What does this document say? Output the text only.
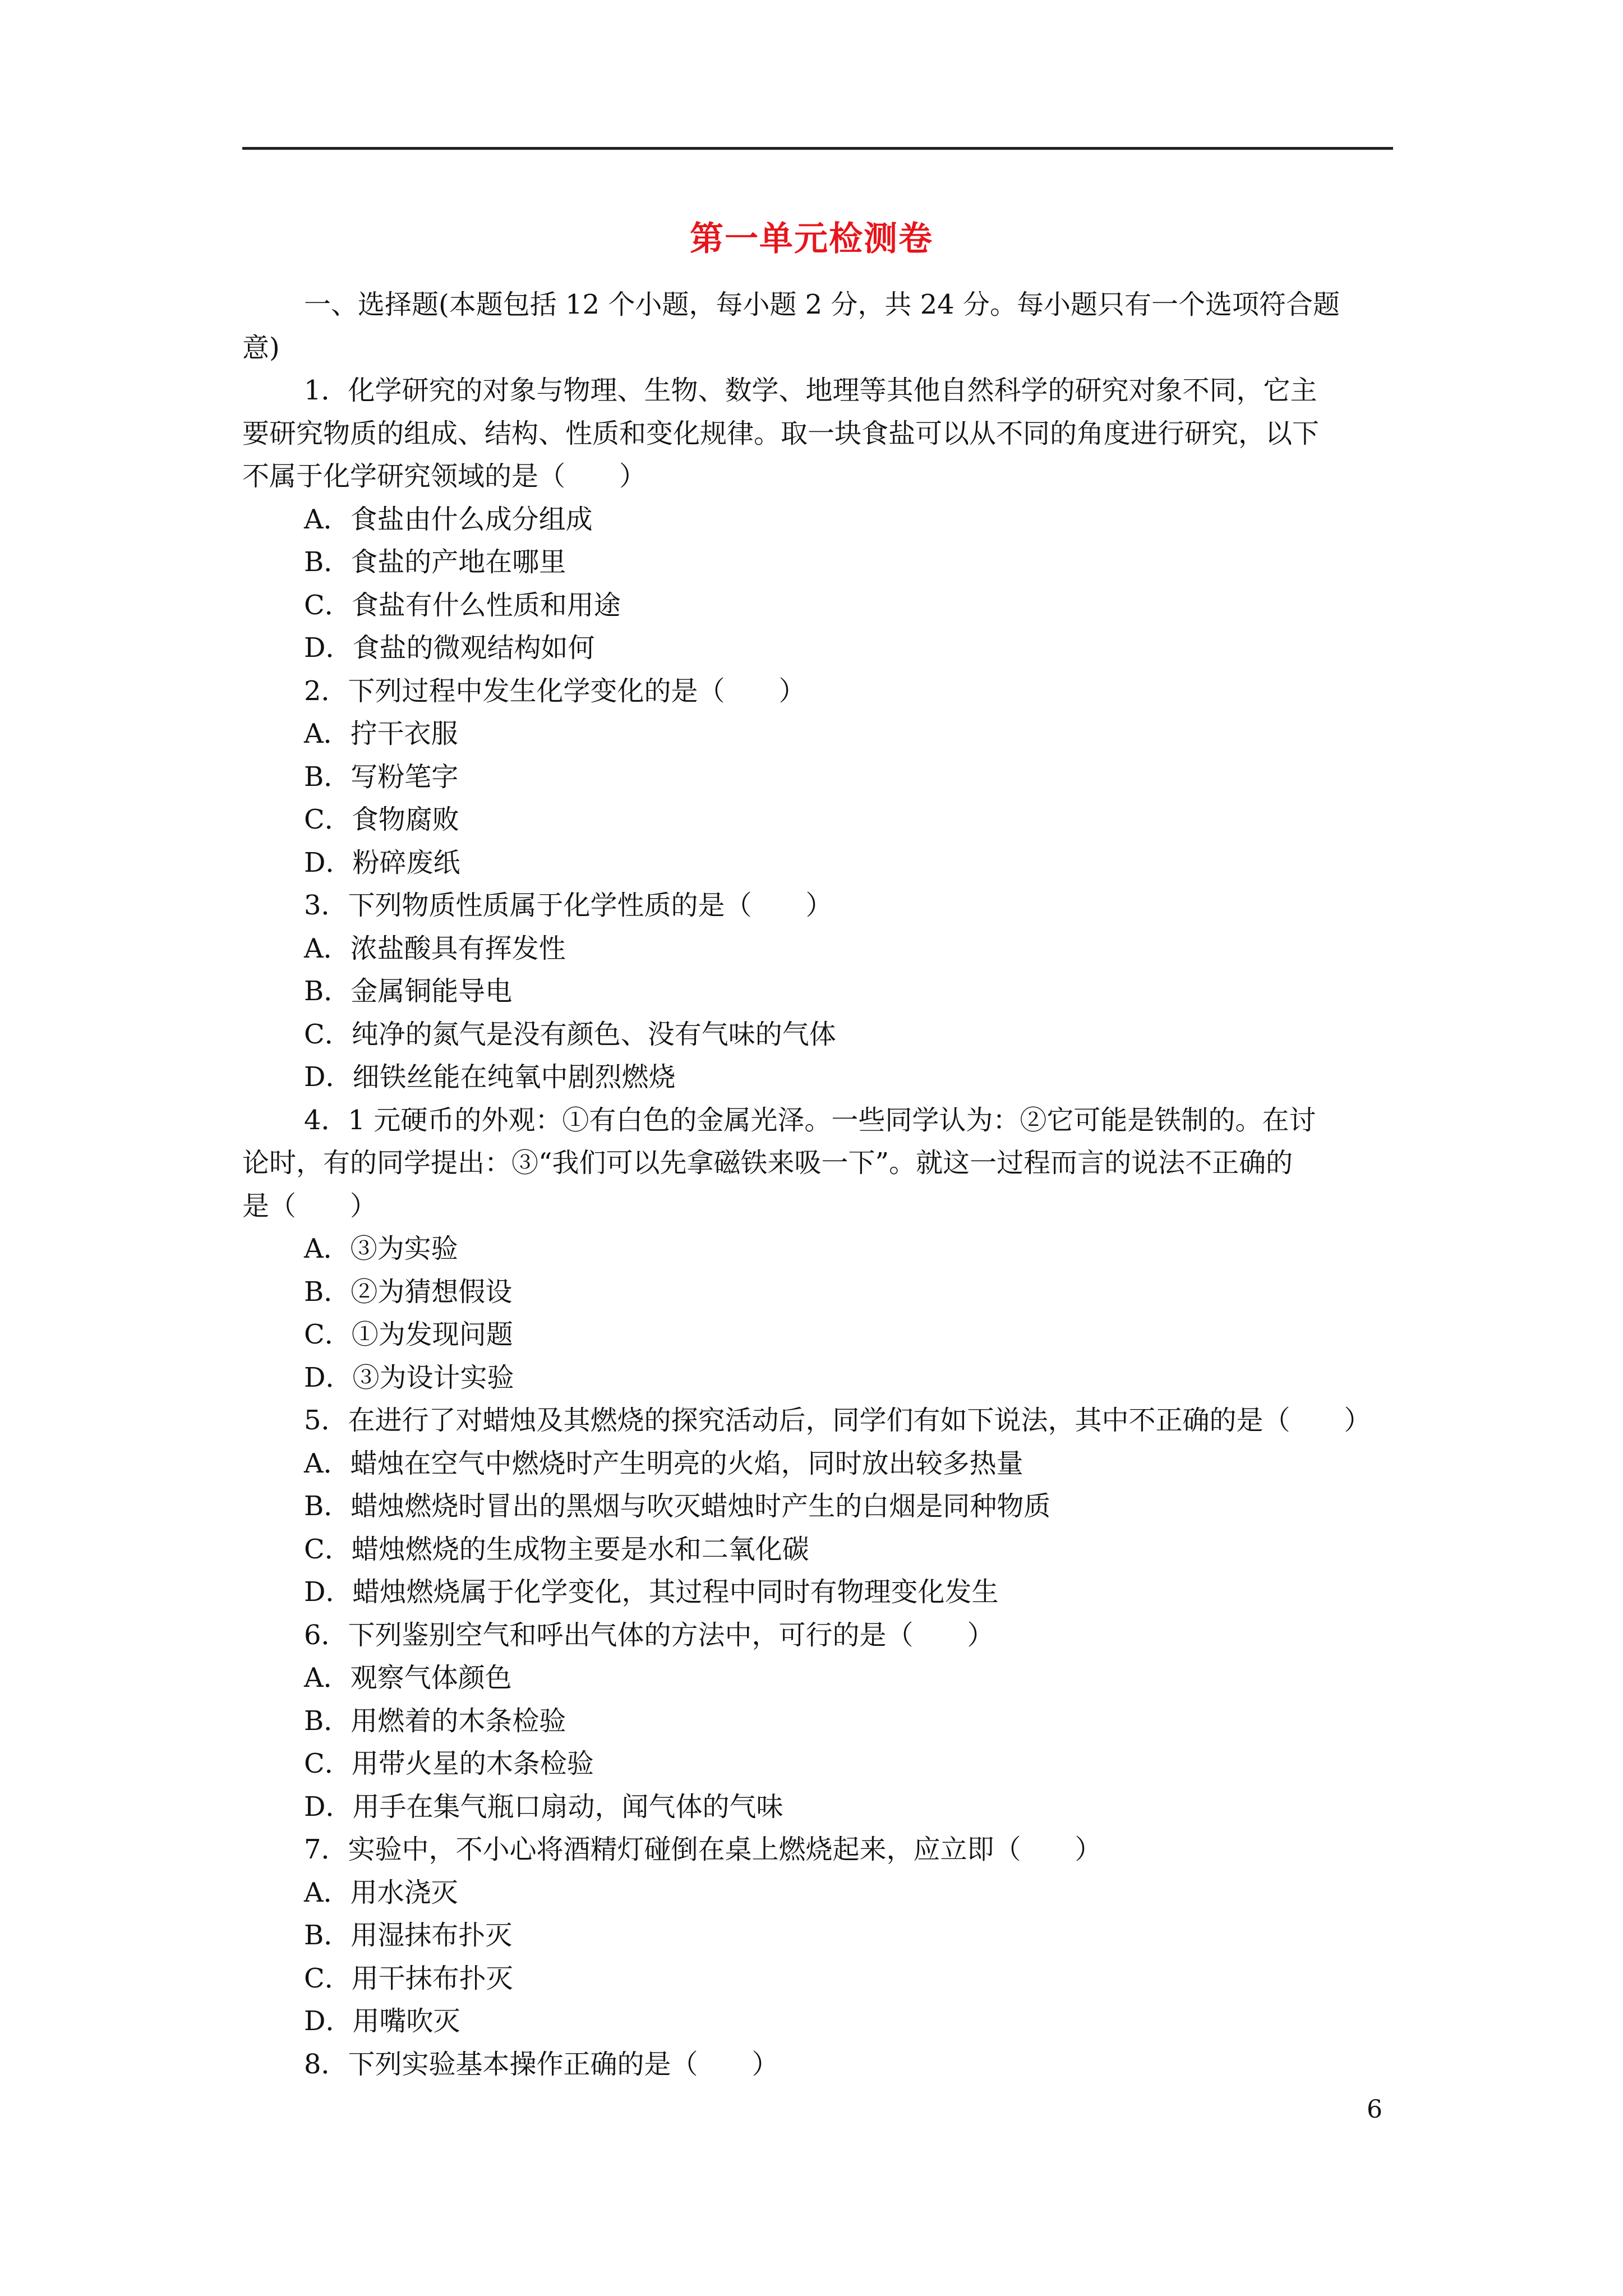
第一单元检测卷

一、选择题(本题包括 12 个小题，每小题 2 分，共 24 分。每小题只有一个选项符合题

意)

1．化学研究的对象与物理、生物、数学、地理等其他自然科学的研究对象不同，它主

要研究物质的组成、结构、性质和变化规律。取一块食盐可以从不同的角度进行研究，以下

不属于化学研究领域的是（　　）

A．食盐由什么成分组成

B．食盐的产地在哪里

C．食盐有什么性质和用途

D．食盐的微观结构如何

2．下列过程中发生化学变化的是（　　）

A．拧干衣服

B．写粉笔字

C．食物腐败

D．粉碎废纸

3．下列物质性质属于化学性质的是（　　）

A．浓盐酸具有挥发性

B．金属铜能导电

C．纯净的氮气是没有颜色、没有气味的气体

D．细铁丝能在纯氧中剧烈燃烧

4．1 元硬币的外观：①有白色的金属光泽。一些同学认为：②它可能是铁制的。在讨

论时，有的同学提出：③“我们可以先拿磁铁来吸一下”。就这一过程而言的说法不正确的

是（　　）

A．③为实验

B．②为猜想假设

C．①为发现问题

D．③为设计实验

5．在进行了对蜡烛及其燃烧的探究活动后，同学们有如下说法，其中不正确的是（　　）

A．蜡烛在空气中燃烧时产生明亮的火焰，同时放出较多热量

B．蜡烛燃烧时冒出的黑烟与吹灭蜡烛时产生的白烟是同种物质

C．蜡烛燃烧的生成物主要是水和二氧化碳

D．蜡烛燃烧属于化学变化，其过程中同时有物理变化发生

6．下列鉴别空气和呼出气体的方法中，可行的是（　　）

A．观察气体颜色

B．用燃着的木条检验

C．用带火星的木条检验

D．用手在集气瓶口扇动，闻气体的气味

7．实验中，不小心将酒精灯碰倒在桌上燃烧起来，应立即（　　）

A．用水浇灭

B．用湿抹布扑灭

C．用干抹布扑灭

D．用嘴吹灭

8．下列实验基本操作正确的是（　　）

6
